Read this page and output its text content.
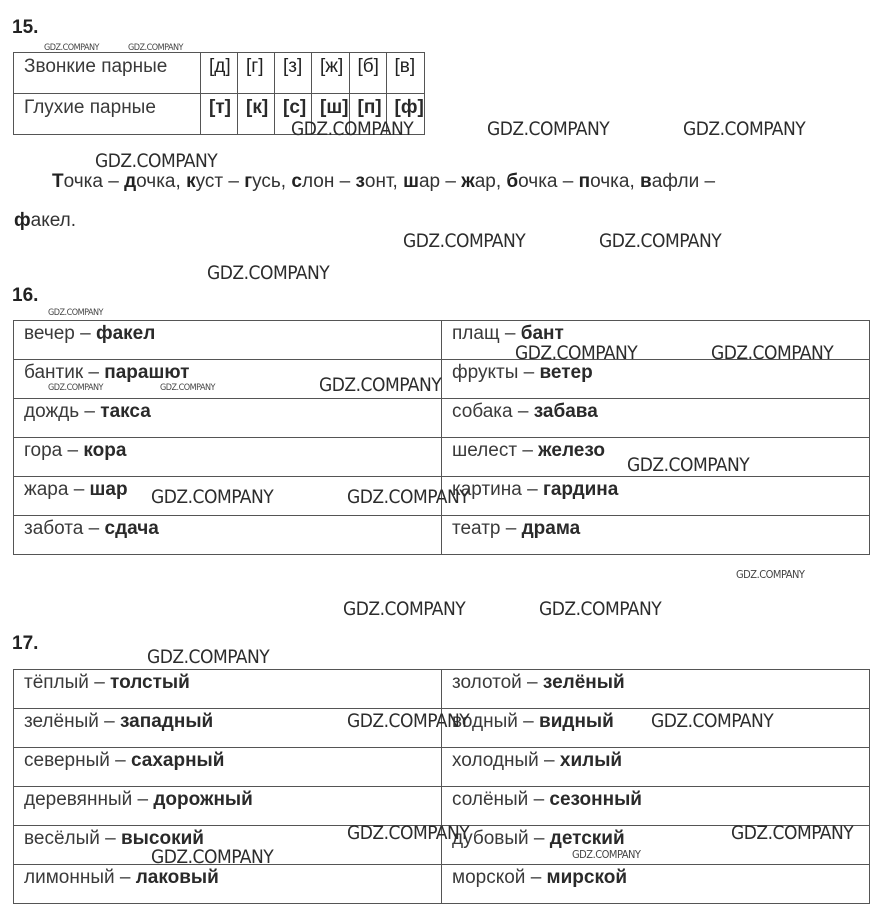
15.
Звонкие парные	[д]	[г]	[з]	[ж]	[б]	[в]
Глухие парные	[т]	[к]	[с]	[ш]	[п]	[ф]
Точка – дочка, куст – гусь, слон – зонт, шар – жар, бочка – почка, вафли –
факел.
16.
вечер – факел	плащ – бант
бантик – парашют	фрукты – ветер
дождь – такса	собака – забава
гора – кора	шелест – железо
жара – шар	картина – гардина
забота – сдача	театр – драма
17.
тёплый – толстый	золотой – зелёный
зелёный – западный	водный – видный
северный – сахарный	холодный – хилый
деревянный – дорожный	солёный – сезонный
весёлый – высокий	дубовый – детский
лимонный – лаковый	морской – мирской
GDZ.COMPANY	GDZ.COMPANY
GDZ.COMPANY	GDZ.COMPANY	GDZ.COMPANY
GDZ.COMPANY
GDZ.COMPANY	GDZ.COMPANY
GDZ.COMPANY
GDZ.COMPANY
GDZ.COMPANY	GDZ.COMPANY
GDZ.COMPANY
GDZ.COMPANY	GDZ.COMPANY
GDZ.COMPANY
GDZ.COMPANY	GDZ.COMPANY
GDZ.COMPANY
GDZ.COMPANY	GDZ.COMPANY
GDZ.COMPANY
GDZ.COMPANY	GDZ.COMPANY
GDZ.COMPANY	GDZ.COMPANY
GDZ.COMPANY
GDZ.COMPANY
